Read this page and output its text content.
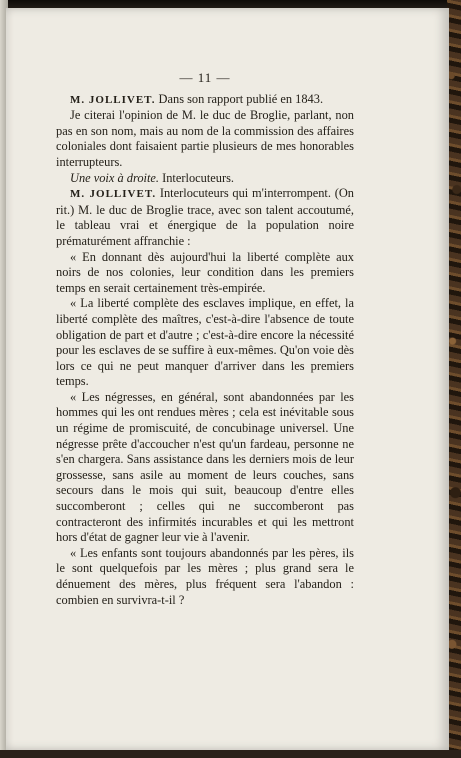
— 11 —

M. JOLLIVET. Dans son rapport publié en 1843.

Je citerai l'opinion de M. le duc de Broglie, parlant, non pas en son nom, mais au nom de la commission des affaires coloniales dont faisaient partie plusieurs de mes honorables interrupteurs.

Une voix à droite. Interlocuteurs.

M. JOLLIVET. Interlocuteurs qui m'interrompent. (On rit.) M. le duc de Broglie trace, avec son talent accoutumé, le tableau vrai et énergique de la population noire prématurément affranchie :

« En donnant dès aujourd'hui la liberté complète aux noirs de nos colonies, leur condition dans les premiers temps en serait certainement très-empirée.

« La liberté complète des esclaves implique, en effet, la liberté complète des maîtres, c'est-à-dire l'absence de toute obligation de part et d'autre ; c'est-à-dire encore la nécessité pour les esclaves de se suffire à eux-mêmes. Qu'on voie dès lors ce qui ne peut manquer d'arriver dans les premiers temps.

« Les négresses, en général, sont abandonnées par les hommes qui les ont rendues mères ; cela est inévitable sous un régime de promiscuité, de concubinage universel. Une négresse prête d'accoucher n'est qu'un fardeau, personne ne s'en chargera. Sans assistance dans les derniers mois de leur grossesse, sans asile au moment de leurs couches, sans secours dans le mois qui suit, beaucoup d'entre elles succomberont ; celles qui ne succomberont pas contracteront des infirmités incurables et qui les mettront hors d'état de gagner leur vie à l'avenir.

« Les enfants sont toujours abandonnés par les pères, ils le sont quelquefois par les mères ; plus grand sera le dénuement des mères, plus fréquent sera l'abandon : combien en survivra-t-il ?
